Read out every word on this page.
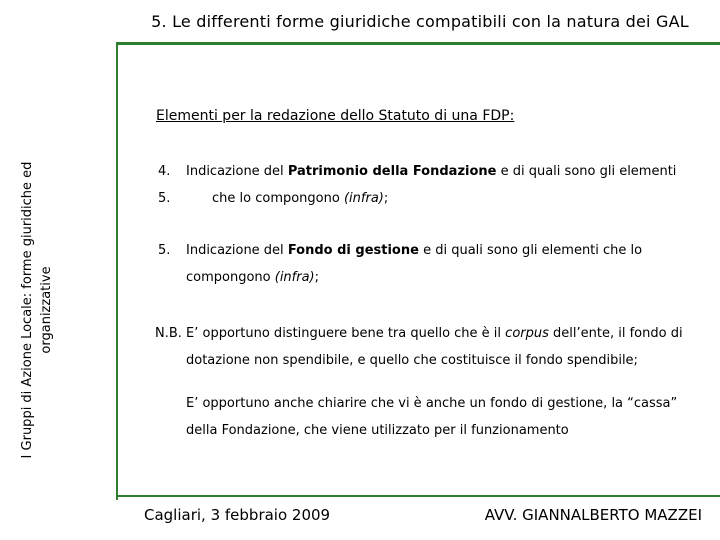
5. Le differenti forme giuridiche compatibili con la natura dei GAL
I Gruppi di Azione Locale: forme giuridiche ed organizzative
Elementi per la redazione dello Statuto di una FDP:
4. Indicazione del Patrimonio della Fondazione e di quali sono gli elementi
5.	che lo compongono (infra);
5. Indicazione del Fondo di gestione e di quali sono gli elementi che lo
compongono (infra);
N.B. E’ opportuno distinguere bene tra quello che è il corpus dell’ente, il fondo di
dotazione non spendibile, e quello che costituisce il fondo spendibile;
E’ opportuno anche chiarire che vi è anche un fondo di gestione, la “cassa”
della Fondazione, che viene utilizzato per il funzionamento
Cagliari, 3 febbraio 2009	AVV. GIANNALBERTO MAZZEI
